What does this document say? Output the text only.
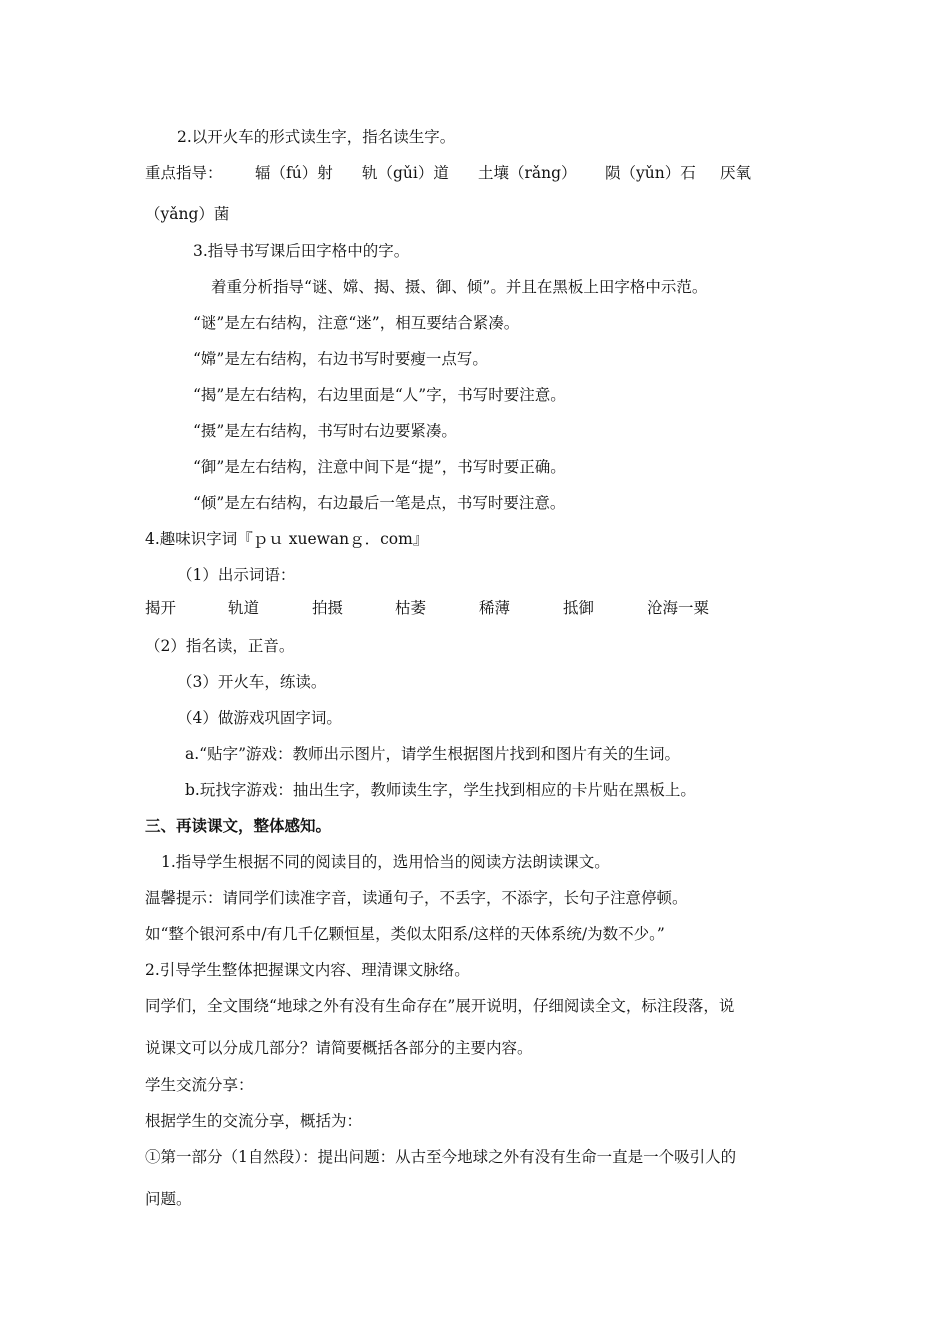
2.以开火车的形式读生字，指名读生字。
重点指导： 辐（fú）射 轨（gǔi）道 土壤（rǎng） 陨（yǔn）石 厌氧
（yǎng）菌
3.指导书写课后田字格中的字。
着重分析指导“谜、嫦、揭、摄、御、倾”。并且在黑板上田字格中示范。
“谜”是左右结构，注意“迷”，相互要结合紧凑。
“嫦”是左右结构，右边书写时要瘦一点写。
“揭”是左右结构，右边里面是“人”字，书写时要注意。
“摄”是左右结构，书写时右边要紧凑。
“御”是左右结构，注意中间下是“提”，书写时要正确。
“倾”是左右结构，右边最后一笔是点，书写时要注意。
4.趣味识字词『ｐｕ xuewanｇ．com』
（1）出示词语：
揭开	轨道	拍摄	枯萎	稀薄	抵御	沧海一粟
（2）指名读，正音。
（3）开火车，练读。
（4）做游戏巩固字词。
a.“贴字”游戏：教师出示图片，请学生根据图片找到和图片有关的生词。
b.玩找字游戏：抽出生字，教师读生字，学生找到相应的卡片贴在黑板上。
三、再读课文，整体感知。
1.指导学生根据不同的阅读目的，选用恰当的阅读方法朗读课文。
温馨提示：请同学们读准字音，读通句子，不丢字，不添字，长句子注意停顿。
如“整个银河系中/有几千亿颗恒星，类似太阳系/这样的天体系统/为数不少。”
2.引导学生整体把握课文内容、理清课文脉络。
同学们，全文围绕“地球之外有没有生命存在”展开说明，仔细阅读全文，标注段落，说
说课文可以分成几部分？请简要概括各部分的主要内容。
学生交流分享：
根据学生的交流分享，概括为：
①第一部分（1自然段）：提出问题：从古至今地球之外有没有生命一直是一个吸引人的
问题。
